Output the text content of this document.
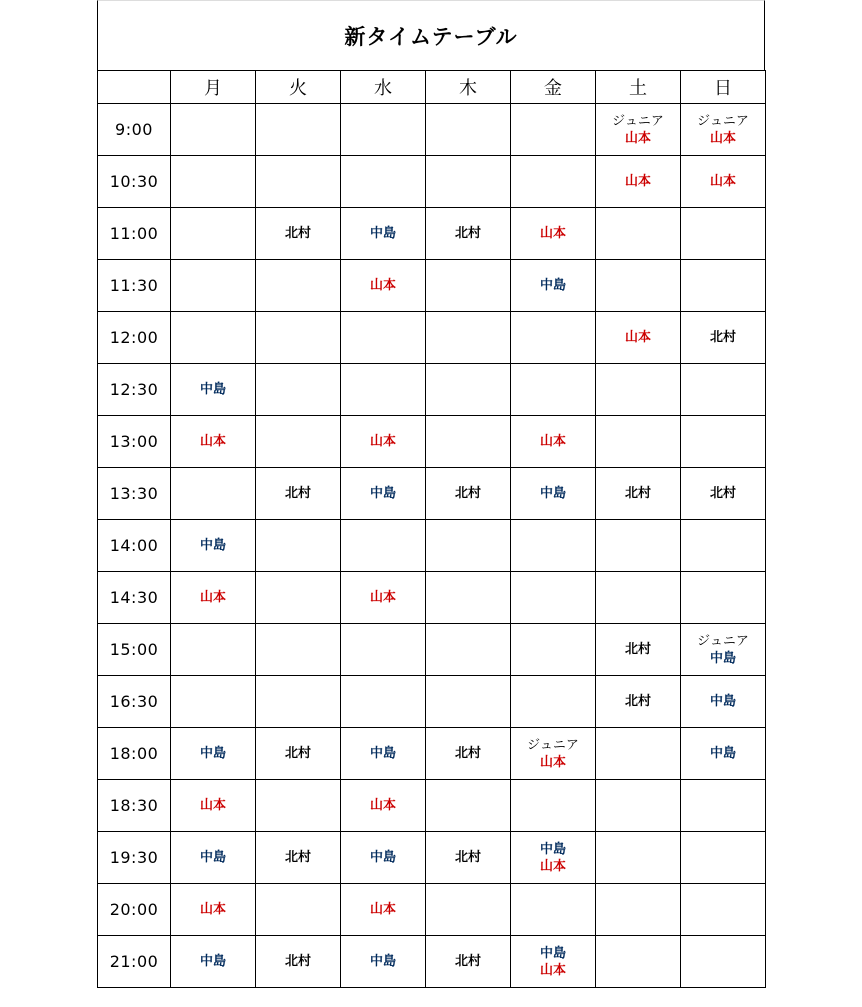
新タイムテーブル
	月	火	水	木	金	土	日
9:00						ジュニア
山本	ジュニア
山本

10:30						山本	山本

11:00		北村	中島	北村	山本		

11:30			山本		中島		

12:00						山本	北村

12:30	中島						

13:00	山本		山本		山本		

13:30		北村	中島	北村	中島	北村	北村

14:00	中島						

14:30	山本		山本				

15:00						北村	ジュニア
中島

16:30						北村	中島

18:00	中島	北村	中島	北村	ジュニア
山本		中島

18:30	山本		山本				

19:30	中島	北村	中島	北村	中島
山本		

20:00	山本		山本				

21:00	中島	北村	中島	北村	中島
山本		
